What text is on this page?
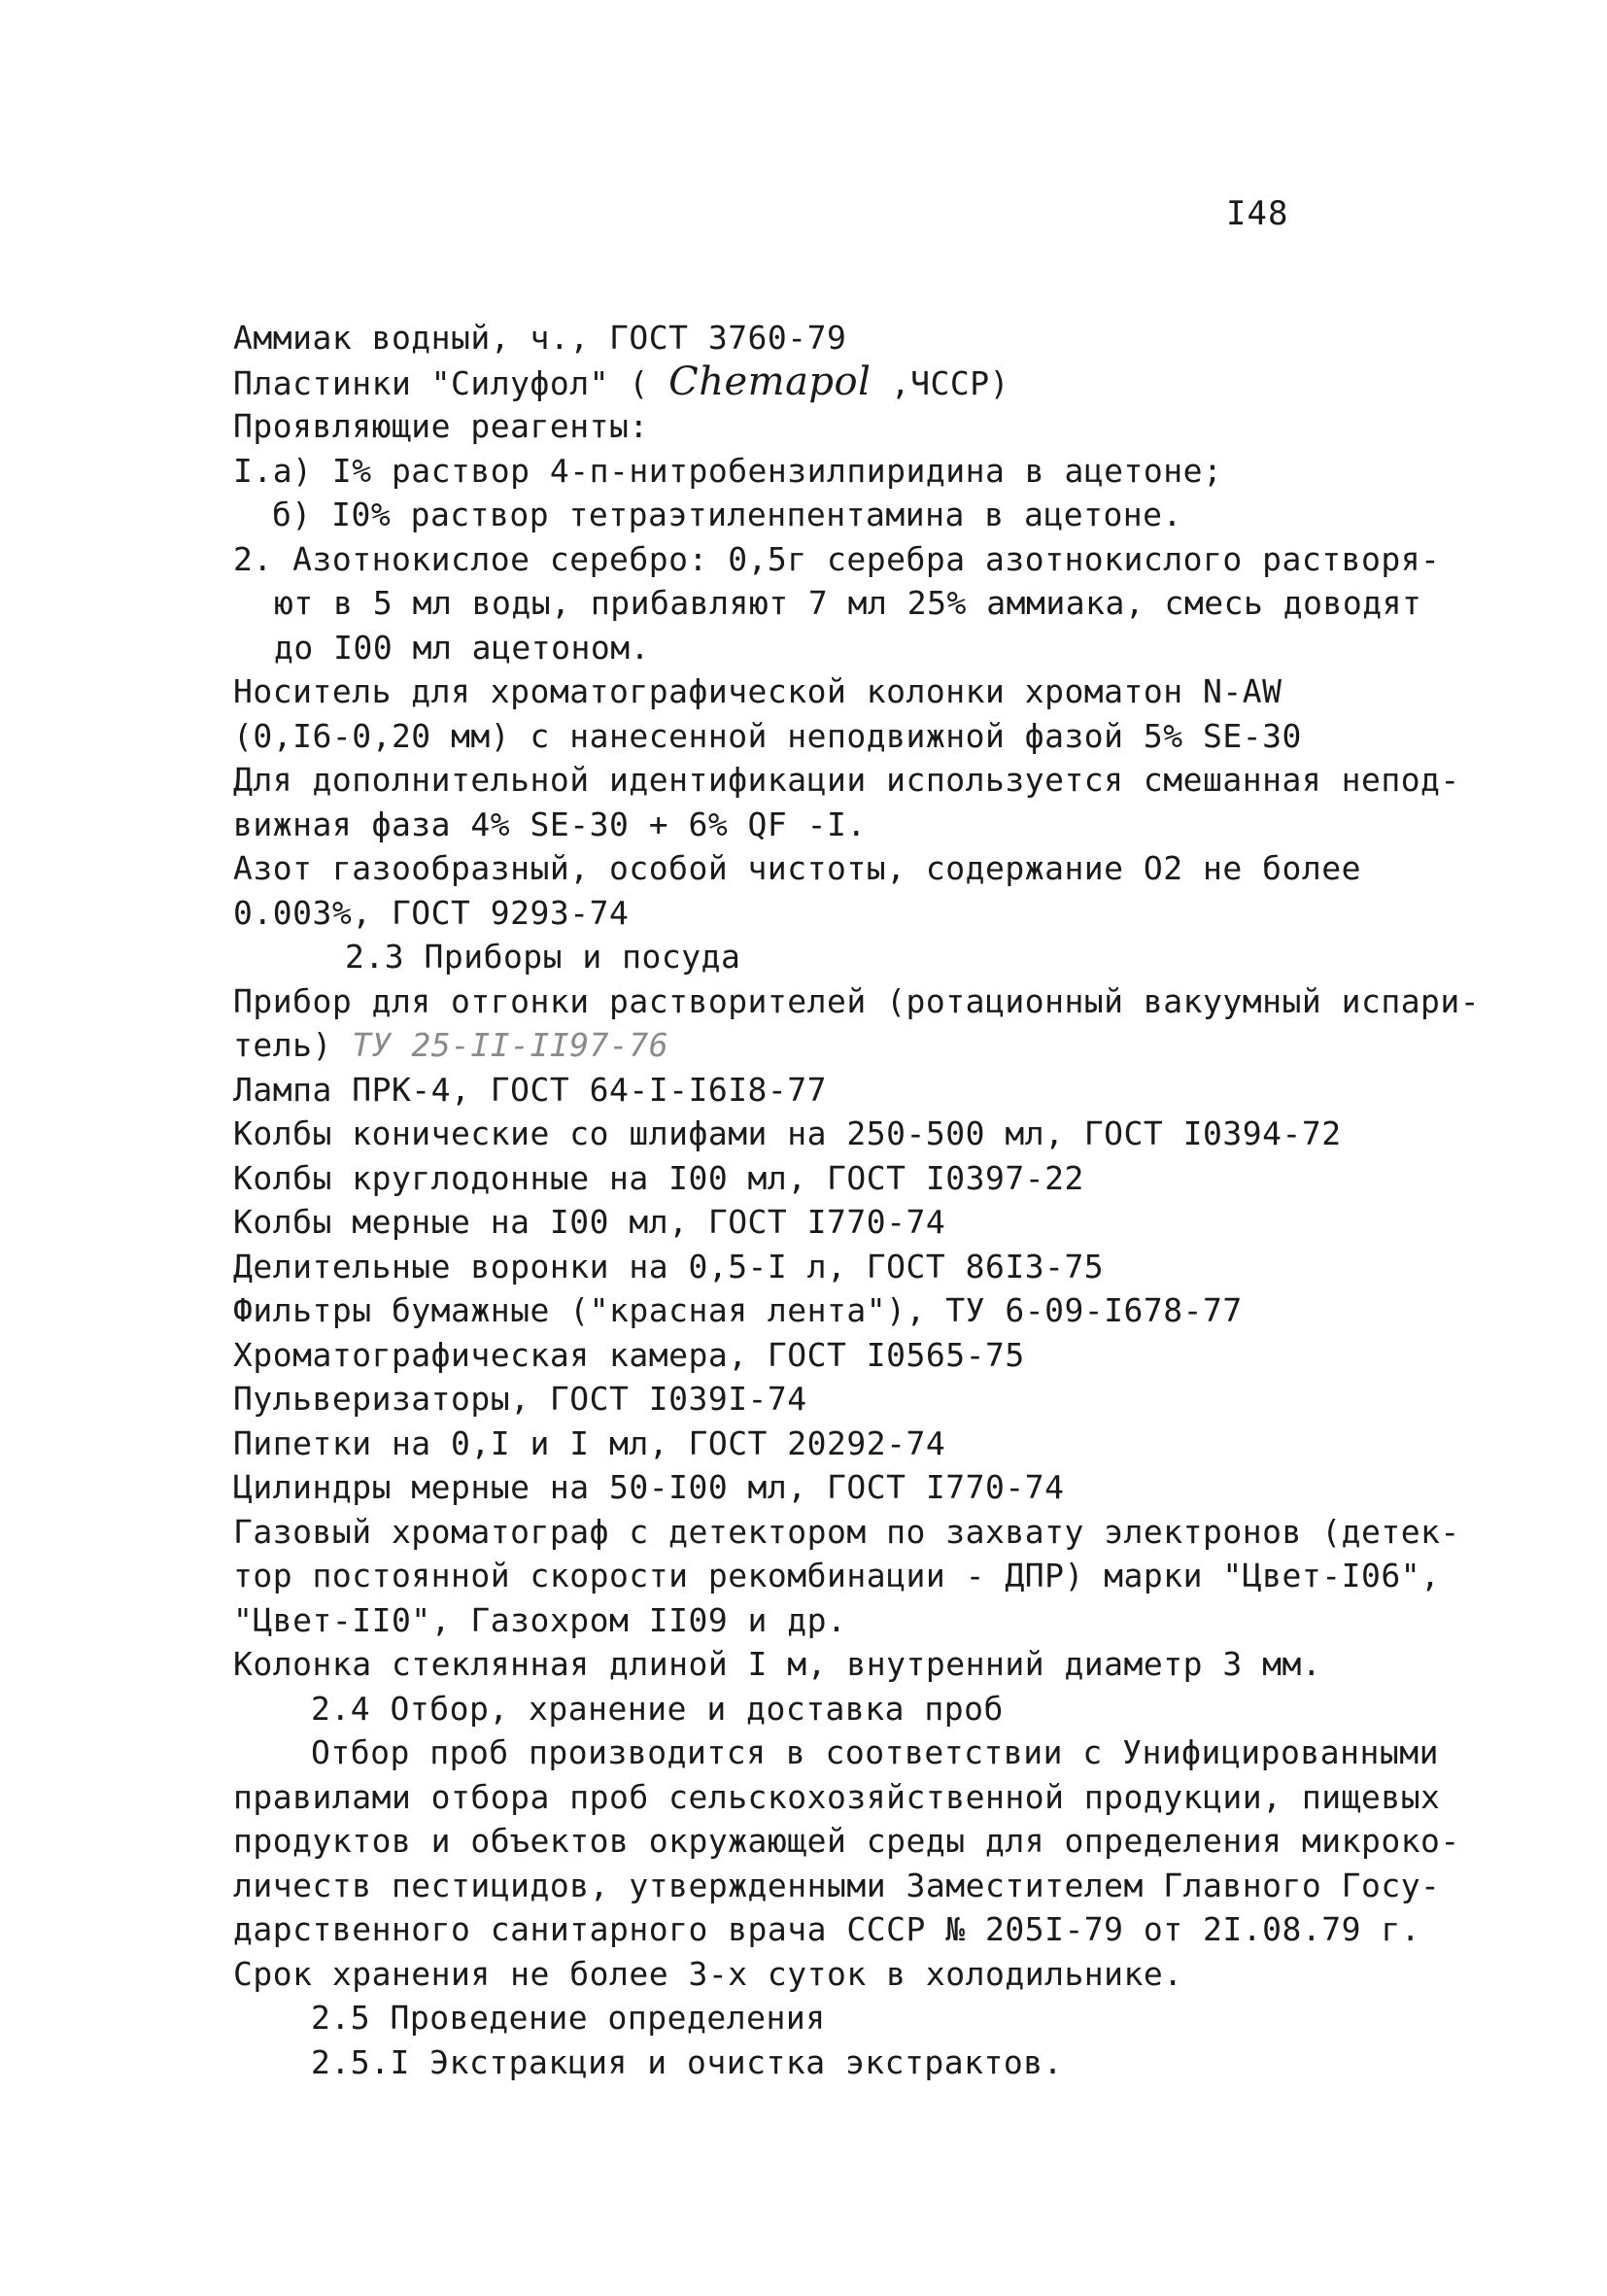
I48
Аммиак водный, ч., ГОСТ 3760-79
Пластинки "Силуфол" ( Chemapol ,ЧССР)
Проявляющие реагенты:
I.а) I% раствор 4-п-нитробензилпиридина в ацетоне;
б) I0% раствор тетраэтиленпентамина в ацетоне.
2. Азотнокислое серебро: 0,5г серебра азотнокислого растворя-
ют в 5 мл воды, прибавляют 7 мл 25% аммиака, смесь доводят
до I00 мл ацетоном.
Носитель для хроматографической колонки хроматон N-AW
(0,I6-0,20 мм) с нанесенной неподвижной фазой 5% SE-30
Для дополнительной идентификации используется смешанная непод-
вижная фаза 4% SE-30 + 6% QF -I.
Азот газообразный, особой чистоты, содержание O2 не более
0.003%, ГОСТ 9293-74
2.3 Приборы и посуда
Прибор для отгонки растворителей (ротационный вакуумный испари-
тель) ТУ 25-II-II97-76
Лампа ПРК-4, ГОСТ 64-I-I6I8-77
Колбы конические со шлифами на 250-500 мл, ГОСТ I0394-72
Колбы круглодонные на I00 мл, ГОСТ I0397-22
Колбы мерные на I00 мл, ГОСТ I770-74
Делительные воронки на 0,5-I л, ГОСТ 86I3-75
Фильтры бумажные ("красная лента"), ТУ 6-09-I678-77
Хроматографическая камера, ГОСТ I0565-75
Пульверизаторы, ГОСТ I039I-74
Пипетки на 0,I и I мл, ГОСТ 20292-74
Цилиндры мерные на 50-I00 мл, ГОСТ I770-74
Газовый хроматограф с детектором по захвату электронов (детек-
тор постоянной скорости рекомбинации - ДПР) марки "Цвет-I06",
"Цвет-II0", Газохром II09 и др.
Колонка стеклянная длиной I м, внутренний диаметр 3 мм.
2.4 Отбор, хранение и доставка проб
Отбор проб производится в соответствии с Унифицированными
правилами отбора проб сельскохозяйственной продукции, пищевых
продуктов и объектов окружающей среды для определения микроко-
личеств пестицидов, утвержденными Заместителем Главного Госу-
дарственного санитарного врача СССР № 205I-79 от 2I.08.79 г.
Срок хранения не более 3-х суток в холодильнике.
2.5 Проведение определения
2.5.I Экстракция и очистка экстрактов.
